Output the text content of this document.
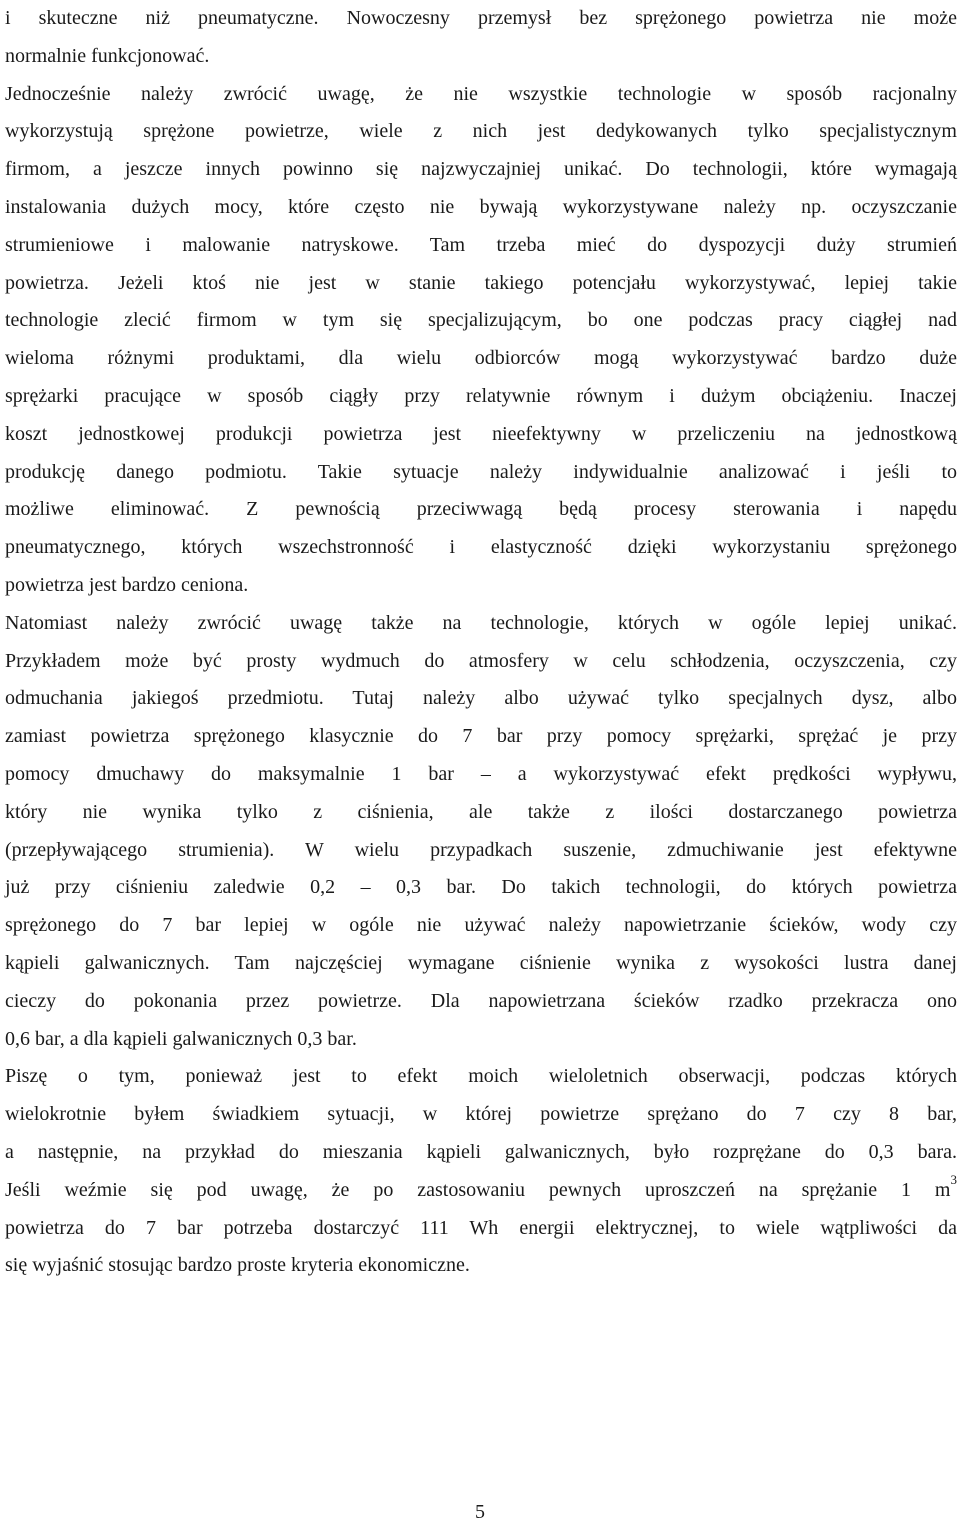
i skuteczne niż pneumatyczne. Nowoczesny przemysł bez sprężonego powietrza nie może
normalnie funkcjonować.
Jednocześnie należy zwrócić uwagę, że nie wszystkie technologie w sposób racjonalny
wykorzystują sprężone powietrze, wiele z nich jest dedykowanych tylko specjalistycznym
firmom, a jeszcze innych powinno się najzwyczajniej unikać. Do technologii, które wymagają
instalowania dużych mocy, które często nie bywają wykorzystywane należy np. oczyszczanie
strumieniowe i malowanie natryskowe. Tam trzeba mieć do dyspozycji duży strumień
powietrza. Jeżeli ktoś nie jest w stanie takiego potencjału wykorzystywać, lepiej takie
technologie zlecić firmom w tym się specjalizującym, bo one podczas pracy ciągłej nad
wieloma różnymi produktami, dla wielu odbiorców mogą wykorzystywać bardzo duże
sprężarki pracujące w sposób ciągły przy relatywnie równym i dużym obciążeniu. Inaczej
koszt jednostkowej produkcji powietrza jest nieefektywny w przeliczeniu na jednostkową
produkcję danego podmiotu. Takie sytuacje należy indywidualnie analizować i jeśli to
możliwe eliminować. Z pewnością przeciwwagą będą procesy sterowania i napędu
pneumatycznego, których wszechstronność i elastyczność dzięki wykorzystaniu sprężonego
powietrza jest bardzo ceniona.
Natomiast należy zwrócić uwagę także na technologie, których w ogóle lepiej unikać.
Przykładem może być prosty wydmuch do atmosfery w celu schłodzenia, oczyszczenia, czy
odmuchania jakiegoś przedmiotu. Tutaj należy albo używać tylko specjalnych dysz, albo
zamiast powietrza sprężonego klasycznie do 7 bar przy pomocy sprężarki, sprężać je przy
pomocy dmuchawy do maksymalnie 1 bar – a wykorzystywać efekt prędkości wypływu,
który nie wynika tylko z ciśnienia, ale także z ilości dostarczanego powietrza
(przepływającego strumienia). W wielu przypadkach suszenie, zdmuchiwanie jest efektywne
już przy ciśnieniu zaledwie 0,2 – 0,3 bar. Do takich technologii, do których powietrza
sprężonego do 7 bar lepiej w ogóle nie używać należy napowietrzanie ścieków, wody czy
kąpieli galwanicznych. Tam najczęściej wymagane ciśnienie wynika z wysokości lustra danej
cieczy do pokonania przez powietrze. Dla napowietrzana ścieków rzadko przekracza ono
0,6 bar, a dla kąpieli galwanicznych 0,3 bar.
Piszę o tym, ponieważ jest to efekt moich wieloletnich obserwacji, podczas których
wielokrotnie byłem świadkiem sytuacji, w której powietrze sprężano do 7 czy 8 bar,
a następnie, na przykład do mieszania kąpieli galwanicznych, było rozprężane do 0,3 bara.
Jeśli weźmie się pod uwagę, że po zastosowaniu pewnych uproszczeń na sprężanie 1 $m^3$
powietrza do 7 bar potrzeba dostarczyć 111 Wh energii elektrycznej, to wiele wątpliwości da
się wyjaśnić stosując bardzo proste kryteria ekonomiczne.
5
